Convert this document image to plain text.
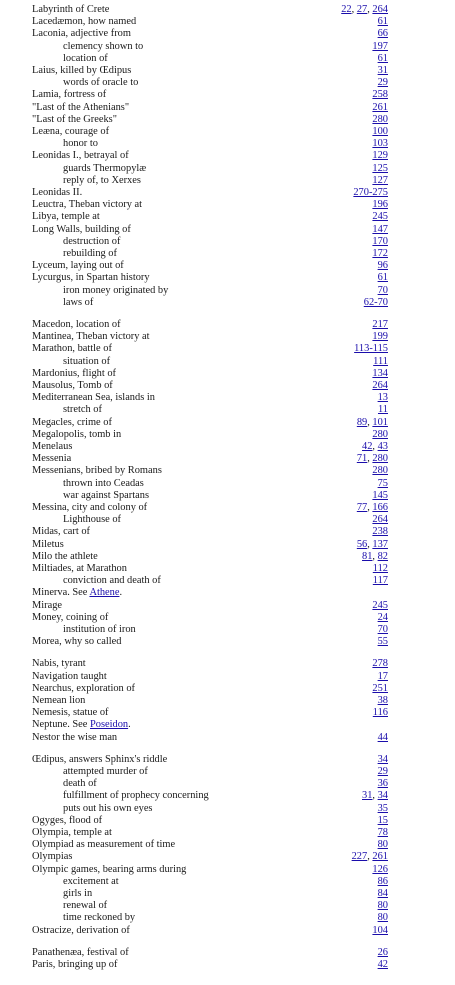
Labyrinth of Crete	22, 27, 264
Lacedæmon, how named	61
Laconia, adjective from	66
clemency shown to	197
location of	61
Laius, killed by Œdipus	31
words of oracle to	29
Lamia, fortress of	258
"Last of the Athenians"	261
"Last of the Greeks"	280
Leæna, courage of	100
honor to	103
Leonidas I., betrayal of	129
guards Thermopylæ	125
reply of, to Xerxes	127
Leonidas II.	270-275
Leuctra, Theban victory at	196
Libya, temple at	245
Long Walls, building of	147
destruction of	170
rebuilding of	172
Lyceum, laying out of	96
Lycurgus, in Spartan history	61
iron money originated by	70
laws of	62-70
Macedon, location of	217
Mantinea, Theban victory at	199
Marathon, battle of	113-115
situation of	111
Mardonius, flight of	134
Mausolus, Tomb of	264
Mediterranean Sea, islands in	13
stretch of	11
Megacles, crime of	89, 101
Megalopolis, tomb in	280
Menelaus	42, 43
Messenia	71, 280
Messenians, bribed by Romans	280
thrown into Ceadas	75
war against Spartans	145
Messina, city and colony of	77, 166
Lighthouse of	264
Midas, cart of	238
Miletus	56, 137
Milo the athlete	81, 82
Miltiades, at Marathon	112
conviction and death of	117
Minerva. See Athene.
Mirage	245
Money, coining of	24
institution of iron	70
Morea, why so called	55
Nabis, tyrant	278
Navigation taught	17
Nearchus, exploration of	251
Nemean lion	38
Nemesis, statue of	116
Neptune. See Poseidon.
Nestor the wise man	44
Œdipus, answers Sphinx's riddle	34
attempted murder of	29
death of	36
fulfillment of prophecy concerning	31, 34
puts out his own eyes	35
Ogyges, flood of	15
Olympia, temple at	78
Olympiad as measurement of time	80
Olympias	227, 261
Olympic games, bearing arms during	126
excitement at	86
girls in	84
renewal of	80
time reckoned by	80
Ostracize, derivation of	104
Panathenæa, festival of	26
Paris, bringing up of	42
